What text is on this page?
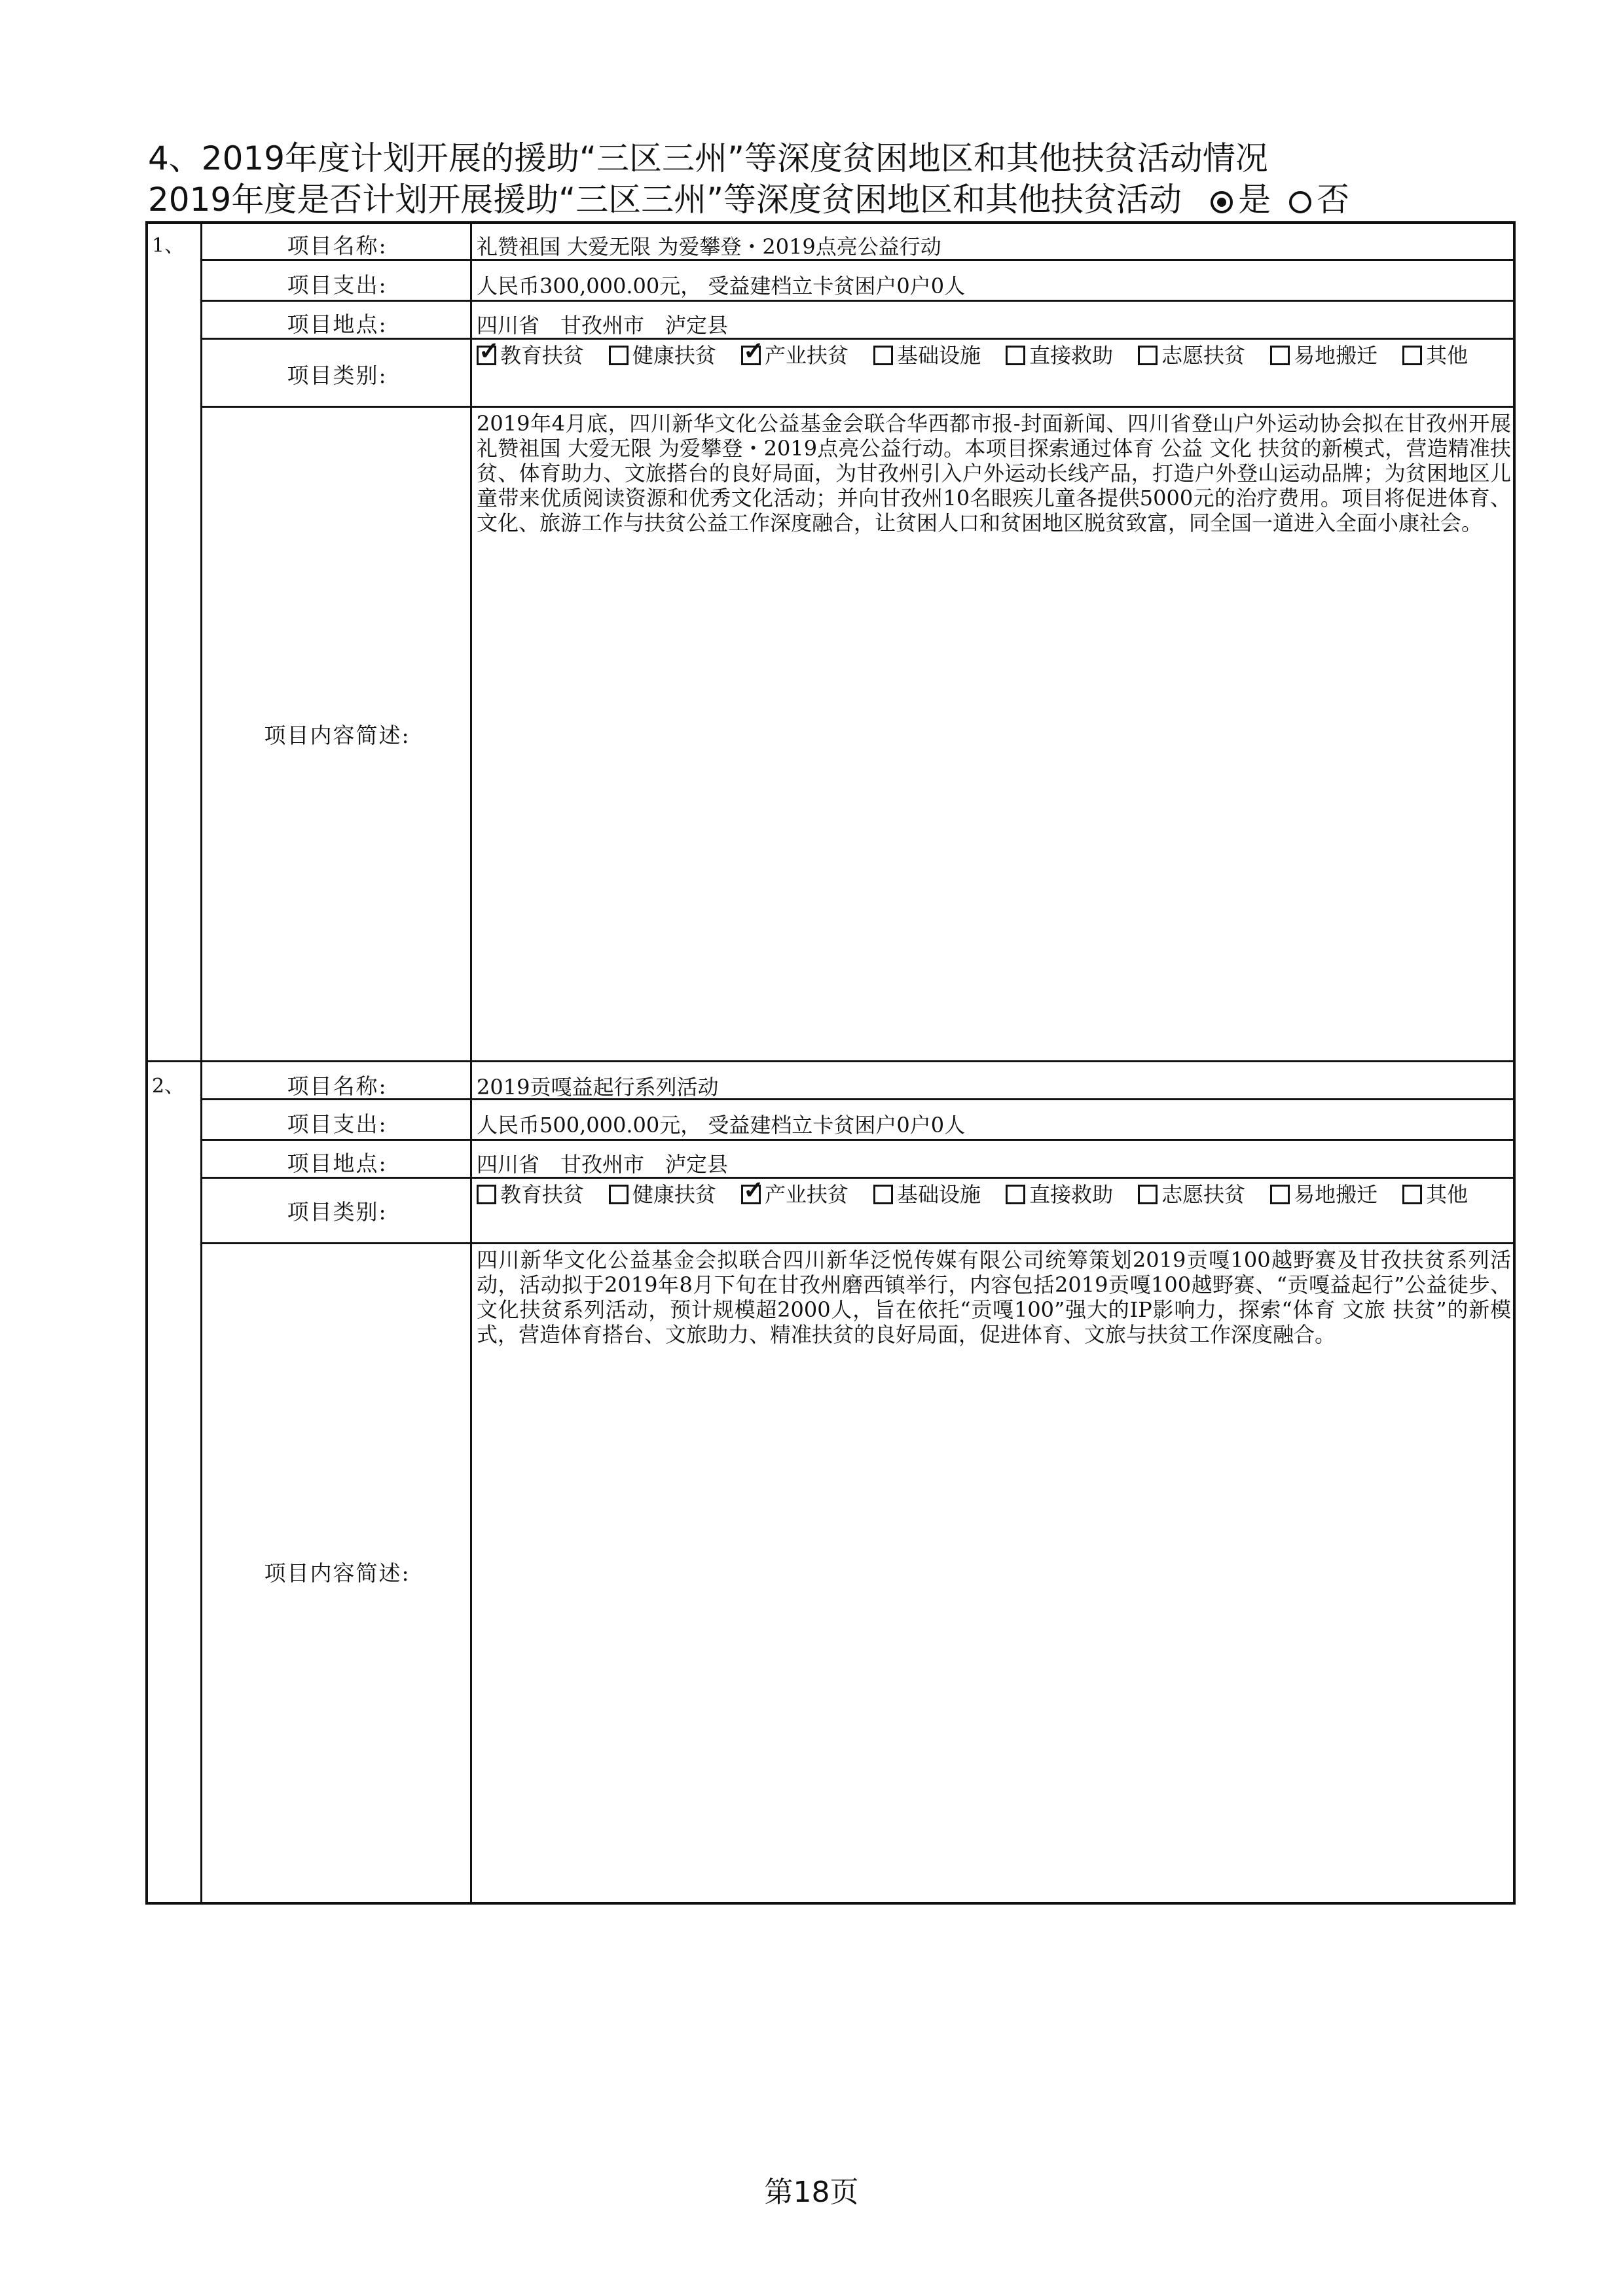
4、2019年度计划开展的援助“三区三州”等深度贫困地区和其他扶贫活动情况
2019年度是否计划开展援助“三区三州”等深度贫困地区和其他扶贫活动 是 否
1、	项目名称:	礼赞祖国 大爱无限 为爱攀登・2019点亮公益行动
项目支出:	人民币300,000.00元， 受益建档立卡贫困户0户0人
项目地点:	四川省　甘孜州市　泸定县
项目类别:
✓教育扶贫 健康扶贫 ✓ 产业扶贫 基础设施 直接救助 志愿扶贫 易地搬迁 其他
项目内容简述:
2019年4月底，四川新华文化公益基金会联合华西都市报-封面新闻、四川省登山户外运动协会拟在甘孜州开展礼赞祖国 大爱无限 为爱攀登・2019点亮公益行动。本项目探索通过体育 公益 文化 扶贫的新模式，营造精准扶贫、体育助力、文旅搭台的良好局面，为甘孜州引入户外运动长线产品，打造户外登山运动品牌；为贫困地区儿童带来优质阅读资源和优秀文化活动；并向甘孜州10名眼疾儿童各提供5000元的治疗费用。项目将促进体育、文化、旅游工作与扶贫公益工作深度融合，让贫困人口和贫困地区脱贫致富，同全国一道进入全面小康社会。
2、	项目名称:	2019贡嘎益起行系列活动
项目支出:	人民币500,000.00元， 受益建档立卡贫困户0户0人
项目地点:	四川省　甘孜州市　泸定县
项目类别:
教育扶贫 健康扶贫 ✓ 产业扶贫 基础设施 直接救助 志愿扶贫 易地搬迁 其他
项目内容简述:
四川新华文化公益基金会拟联合四川新华泛悦传媒有限公司统筹策划2019贡嘎100越野赛及甘孜扶贫系列活动，活动拟于2019年8月下旬在甘孜州磨西镇举行，内容包括2019贡嘎100越野赛、“贡嘎益起行”公益徒步、文化扶贫系列活动，预计规模超2000人，旨在依托“贡嘎100”强大的IP影响力，探索“体育 文旅 扶贫”的新模式，营造体育搭台、文旅助力、精准扶贫的良好局面，促进体育、文旅与扶贫工作深度融合。
第18页
